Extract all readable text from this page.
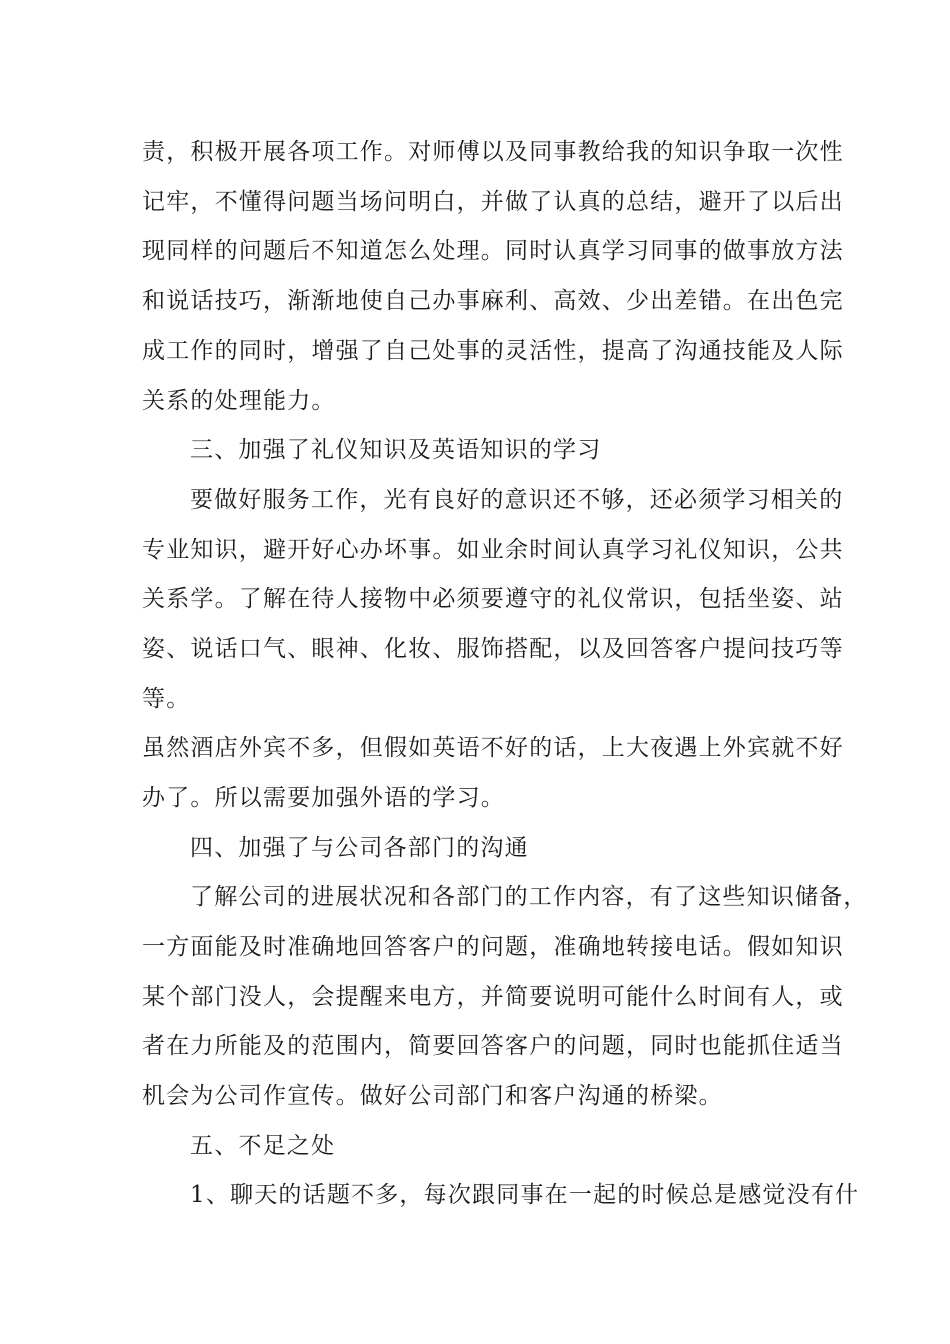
责，积极开展各项工作。对师傅以及同事教给我的知识争取一次性
记牢，不懂得问题当场问明白，并做了认真的总结，避开了以后出
现同样的问题后不知道怎么处理。同时认真学习同事的做事放方法
和说话技巧，渐渐地使自己办事麻利、高效、少出差错。在出色完
成工作的同时，增强了自己处事的灵活性，提高了沟通技能及人际
关系的处理能力。
三、加强了礼仪知识及英语知识的学习
要做好服务工作，光有良好的意识还不够，还必须学习相关的
专业知识，避开好心办坏事。如业余时间认真学习礼仪知识，公共
关系学。了解在待人接物中必须要遵守的礼仪常识，包括坐姿、站
姿、说话口气、眼神、化妆、服饰搭配，以及回答客户提问技巧等
等。
虽然酒店外宾不多，但假如英语不好的话，上大夜遇上外宾就不好
办了。所以需要加强外语的学习。
四、加强了与公司各部门的沟通
了解公司的进展状况和各部门的工作内容，有了这些知识储备，
一方面能及时准确地回答客户的问题，准确地转接电话。假如知识
某个部门没人，会提醒来电方，并简要说明可能什么时间有人，或
者在力所能及的范围内，简要回答客户的问题，同时也能抓住适当
机会为公司作宣传。做好公司部门和客户沟通的桥梁。
五、不足之处
1、聊天的话题不多，每次跟同事在一起的时候总是感觉没有什
